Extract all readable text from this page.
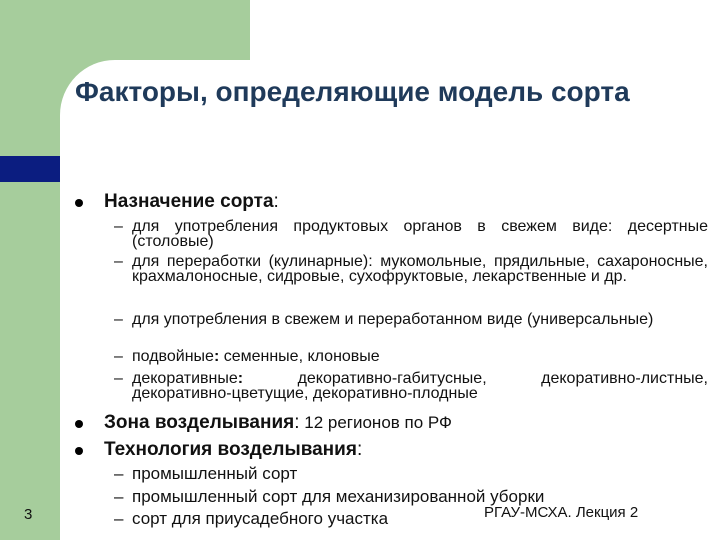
Факторы, определяющие модель сорта
Назначение сорта:
– для употребления продуктовых органов в свежем виде: десертные (столовые)
– для переработки (кулинарные): мукомольные, прядильные, сахароносные, крахмалоносные, сидровые, сухофруктовые, лекарственные и др.
– для употребления в свежем и переработанном виде (универсальные)
– подвойные: семенные, клоновые
– декоративные: декоративно-габитусные, декоративно-листные, декоративно-цветущие, декоративно-плодные
Зона возделывания: 12 регионов по РФ
Технология возделывания:
– промышленный сорт
– промышленный сорт для механизированной уборки
– сорт для приусадебного участка
3	РГАУ-МСХА. Лекция 2
